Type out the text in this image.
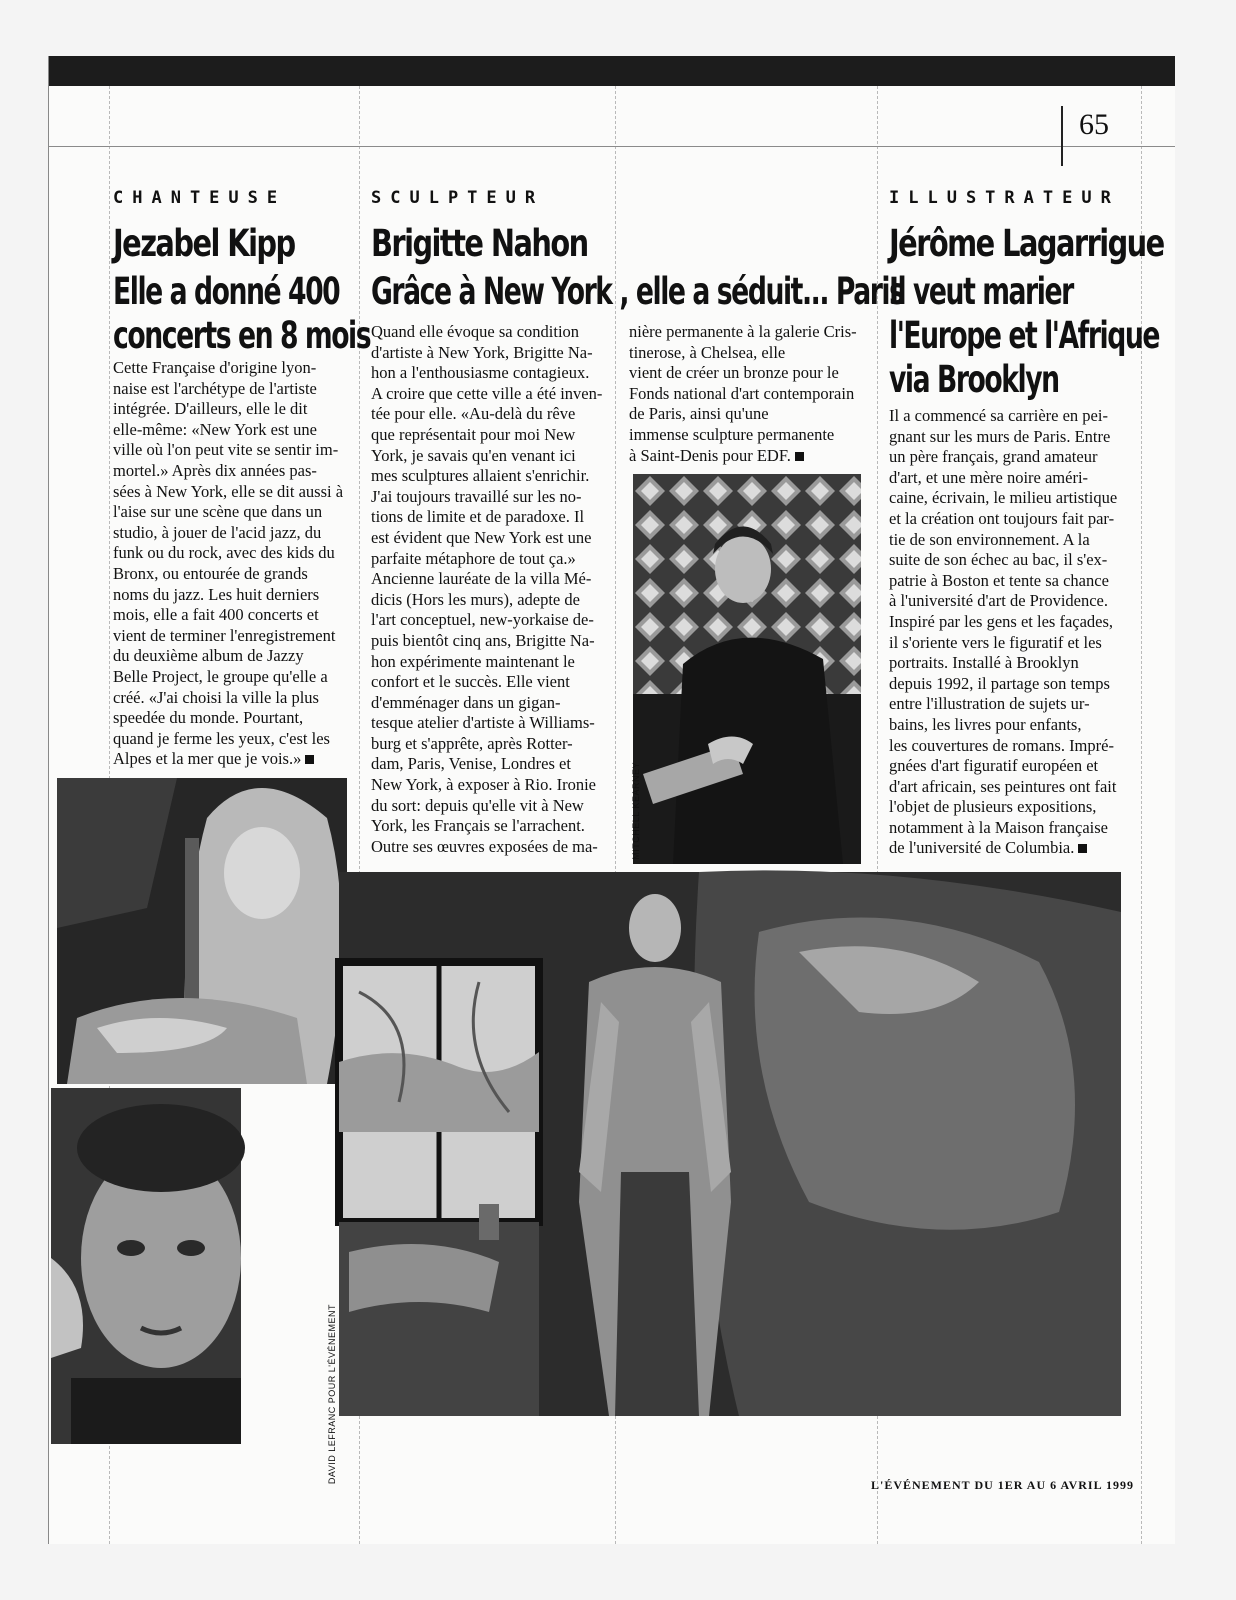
65
CHANTEUSE
Jezabel Kipp
Elle a donné 400
concerts en 8 mois
Cette Française d'origine lyon-
naise est l'archétype de l'artiste
intégrée. D'ailleurs, elle le dit
elle-même: «New York est une
ville où l'on peut vite se sentir im-
mortel.» Après dix années pas-
sées à New York, elle se dit aussi à
l'aise sur une scène que dans un
studio, à jouer de l'acid jazz, du
funk ou du rock, avec des kids du
Bronx, ou entourée de grands
noms du jazz. Les huit derniers
mois, elle a fait 400 concerts et
vient de terminer l'enregistrement
du deuxième album de Jazzy
Belle Project, le groupe qu'elle a
créé. «J'ai choisi la ville la plus
speedée du monde. Pourtant,
quand je ferme les yeux, c'est les
Alpes et la mer que je vois.»
SCULPTEUR
Brigitte Nahon
Grâce à New York , elle a séduit... Paris
Quand elle évoque sa condition
d'artiste à New York, Brigitte Na-
hon a l'enthousiasme contagieux.
A croire que cette ville a été inven-
tée pour elle. «Au-delà du rêve
que représentait pour moi New
York, je savais qu'en venant ici
mes sculptures allaient s'enrichir.
J'ai toujours travaillé sur les no-
tions de limite et de paradoxe. Il
est évident que New York est une
parfaite métaphore de tout ça.»
Ancienne lauréate de la villa Mé-
dicis (Hors les murs), adepte de
l'art conceptuel, new-yorkaise de-
puis bientôt cinq ans, Brigitte Na-
hon expérimente maintenant le
confort et le succès. Elle vient
d'emménager dans un gigan-
tesque atelier d'artiste à Williams-
burg et s'apprête, après Rotter-
dam, Paris, Venise, Londres et
New York, à exposer à Rio. Ironie
du sort: depuis qu'elle vit à New
York, les Français se l'arrachent.
Outre ses œuvres exposées de ma-
nière permanente à la galerie Cris-
tinerose, à Chelsea, elle
vient de créer un bronze pour le
Fonds national d'art contemporain
de Paris, ainsi qu'une
immense sculpture permanente
à Saint-Denis pour EDF.
ILLUSTRATEUR
Jérôme Lagarrigue
Il veut marier
l'Europe et l'Afrique
via Brooklyn
Il a commencé sa carrière en pei-
gnant sur les murs de Paris. Entre
un père français, grand amateur
d'art, et une mère noire améri-
caine, écrivain, le milieu artistique
et la création ont toujours fait par-
tie de son environnement. A la
suite de son échec au bac, il s'ex-
patrie à Boston et tente sa chance
à l'université d'art de Providence.
Inspiré par les gens et les façades,
il s'oriente vers le figuratif et les
portraits. Installé à Brooklyn
depuis 1992, il partage son temps
entre l'illustration de sujets ur-
bains, les livres pour enfants,
les couvertures de romans. Impré-
gnées d'art figuratif européen et
d'art africain, ses peintures ont fait
l'objet de plusieurs expositions,
notamment à la Maison française
de l'université de Columbia.
MITCHELL KEARNEY
DAVID LEFRANC POUR L'ÉVÉNEMENT
L'ÉVÉNEMENT DU 1ER AU 6 AVRIL 1999
